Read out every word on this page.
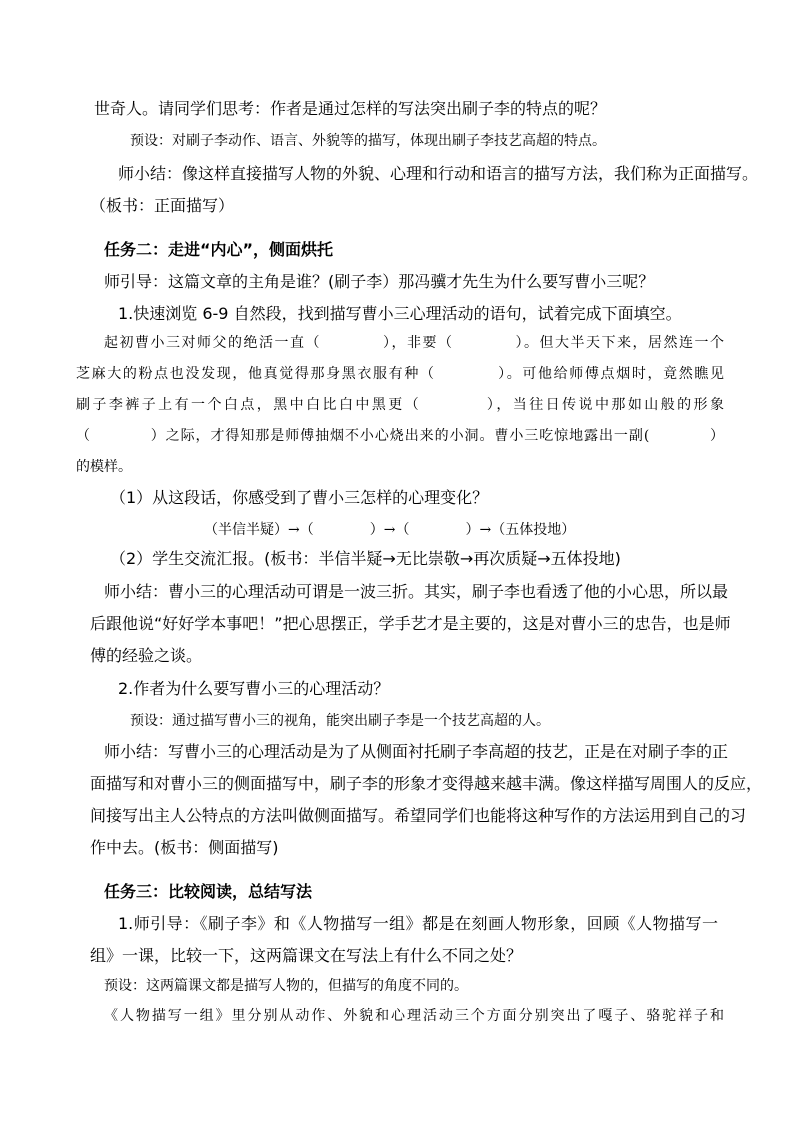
世奇人。请同学们思考：作者是通过怎样的写法突出刷子李的特点的呢？
预设：对刷子李动作、语言、外貌等的描写，体现出刷子李技艺高超的特点。
师小结：像这样直接描写人物的外貌、心理和行动和语言的描写方法，我们称为正面描写。
（板书：正面描写）
任务二：走进“内心”，侧面烘托
师引导：这篇文章的主角是谁？(刷子李）那冯骥才先生为什么要写曹小三呢？
1.快速浏览 6-9 自然段，找到描写曹小三心理活动的语句，试着完成下面填空。
起初曹小三对师父的绝活一直（　　　　），非要（　　　　）。但大半天下来，居然连一个
芝麻大的粉点也没发现，他真觉得那身黑衣服有种（　　　　）。可他给师傅点烟时，竟然瞧见
刷子李裤子上有一个白点，黑中白比白中黑更（　　　　），当往日传说中那如山般的形象
（　　　　）之际，才得知那是师傅抽烟不小心烧出来的小洞。曹小三吃惊地露出一副(　　　　）
的模样。
（1）从这段话，你感受到了曹小三怎样的心理变化？
（半信半疑）→（　　　　）→（　　　　）→（五体投地）
（2）学生交流汇报。(板书：半信半疑→无比崇敬→再次质疑→五体投地)
师小结：曹小三的心理活动可谓是一波三折。其实，刷子李也看透了他的小心思，所以最
后跟他说“好好学本事吧！”把心思摆正，学手艺才是主要的，这是对曹小三的忠告，也是师
傅的经验之谈。
2.作者为什么要写曹小三的心理活动？
预设：通过描写曹小三的视角，能突出刷子李是一个技艺高超的人。
师小结：写曹小三的心理活动是为了从侧面衬托刷子李高超的技艺，正是在对刷子李的正
面描写和对曹小三的侧面描写中，刷子李的形象才变得越来越丰满。像这样描写周围人的反应，
间接写出主人公特点的方法叫做侧面描写。希望同学们也能将这种写作的方法运用到自己的习
作中去。(板书：侧面描写)
任务三：比较阅读，总结写法
1.师引导：《刷子李》和《人物描写一组》都是在刻画人物形象，回顾《人物描写一
组》一课，比较一下，这两篇课文在写法上有什么不同之处？
预设：这两篇课文都是描写人物的，但描写的角度不同的。
《人物描写一组》里分别从动作、外貌和心理活动三个方面分别突出了嘎子、骆驼祥子和
